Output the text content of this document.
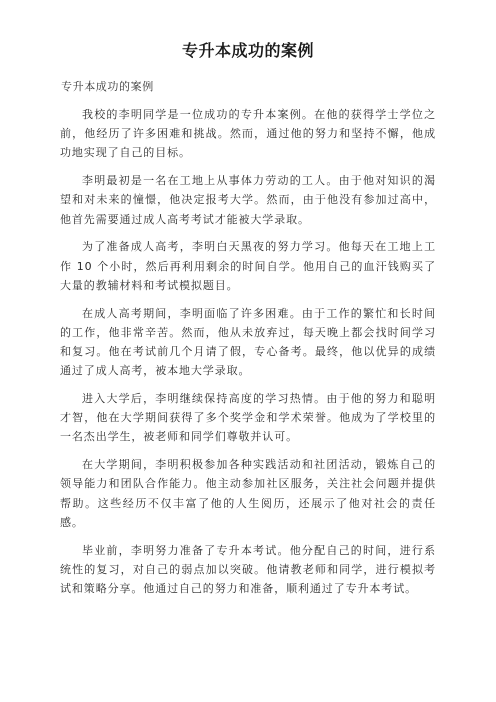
专升本成功的案例
专升本成功的案例

我校的李明同学是一位成功的专升本案例。在他的获得学士学位之前，他经历了许多困难和挑战。然而，通过他的努力和坚持不懈，他成功地实现了自己的目标。

李明最初是一名在工地上从事体力劳动的工人。由于他对知识的渴望和对未来的憧憬，他决定报考大学。然而，由于他没有参加过高中，他首先需要通过成人高考考试才能被大学录取。

为了准备成人高考，李明白天黑夜的努力学习。他每天在工地上工作 10 个小时，然后再利用剩余的时间自学。他用自己的血汗钱购买了大量的教辅材料和考试模拟题目。

在成人高考期间，李明面临了许多困难。由于工作的繁忙和长时间的工作，他非常辛苦。然而，他从未放弃过，每天晚上都会找时间学习和复习。他在考试前几个月请了假，专心备考。最终，他以优异的成绩通过了成人高考，被本地大学录取。

进入大学后，李明继续保持高度的学习热情。由于他的努力和聪明才智，他在大学期间获得了多个奖学金和学术荣誉。他成为了学校里的一名杰出学生，被老师和同学们尊敬并认可。

在大学期间，李明积极参加各种实践活动和社团活动，锻炼自己的领导能力和团队合作能力。他主动参加社区服务，关注社会问题并提供帮助。这些经历不仅丰富了他的人生阅历，还展示了他对社会的责任感。

毕业前，李明努力准备了专升本考试。他分配自己的时间，进行系统性的复习，对自己的弱点加以突破。他请教老师和同学，进行模拟考试和策略分享。他通过自己的努力和准备，顺利通过了专升本考试。
